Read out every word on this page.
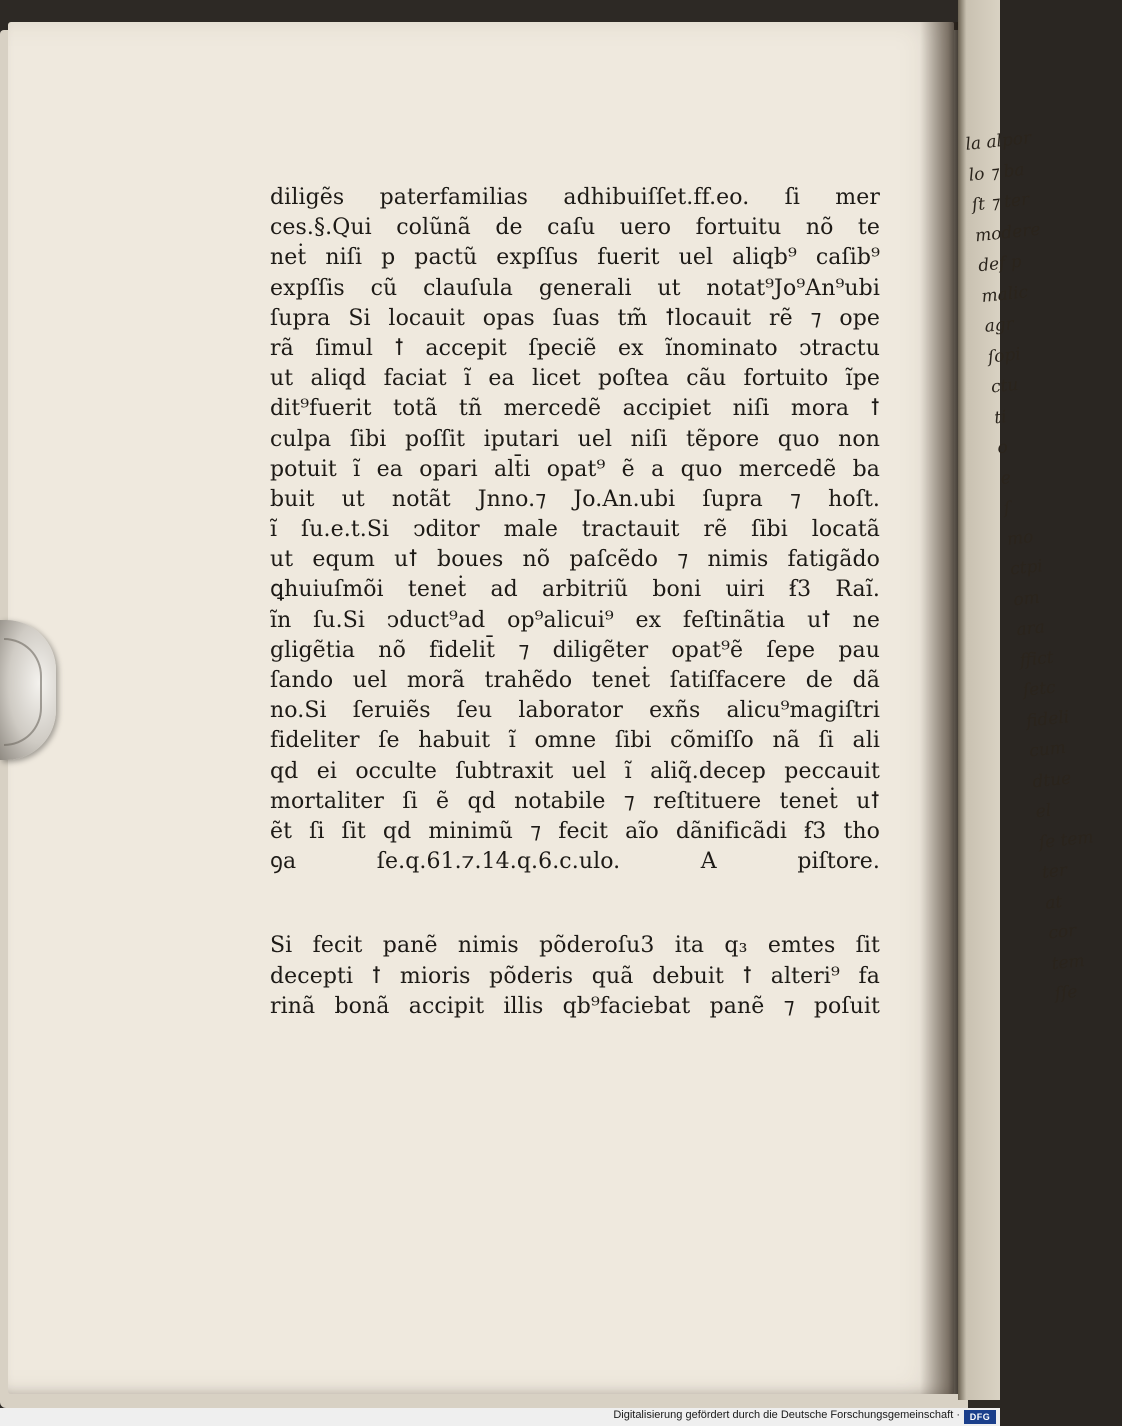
la alpor
lo ⁊ ba
ſt ⁊ ter
modere
def p
malic
agr
ſopi
ctu
ti
o
e
ſ
mo
ctpi
om
ara
ffict
ſetc
fideli
cum
dtue
el
ſe tem
ter
at
cor
tem
ſſe
diligẽs paterfamilias adhibuiſſet.ff.eo. ſi mer
ces.§.Qui colũnã de caſu uero fortuitu nõ te
neṫ niſi p pactũ expſſus fuerit uel aliqb⁹ caſib⁹
expſſis cũ clauſula generali ut notat⁹Jo⁹An⁹ubi
ſupra Si locauit opas ſuas tm̃ ꝉlocauit rẽ ⁊ ope
rã ſimul ꝉ accepit ſpeciẽ ex ĩnominato ↄtractu
ut aliqd faciat ĩ ea licet poſtea cãu fortuito ĩpe
dit⁹fuerit totã tñ mercedẽ accipiet niſi mora ꝉ
culpa ſibi poſſit iputari uel niſi tẽpore quo non
potuit ĩ ea opari alt̄i opat⁹ ẽ a quo mercedẽ ba
buit ut notãt Jnno.⁊ Jo.An.ubi ſupra ⁊ hoſt.
ĩ ſu.e.t.Si ↄditor male tractauit rẽ ſibi locatã
ut equm uꝉ boues nõ paſcẽdo ⁊ nimis fatigãdo
ꝗhuiuſmõi teneṫ ad arbitriũ boni uiri ẜ3 Raĩ.
ĩn ſu.Si ↄduct⁹ad op⁹alicui⁹ ex feſtinãtia uꝉ ne
gligẽtia nõ fidelit̄ ⁊ diligẽter opat⁹ẽ ſepe pau
ſando uel morã trahẽdo teneṫ ſatiſfacere de dã
no.Si ſeruiẽs ſeu laborator exñs alicu⁹magiſtri
fideliter ſe habuit ĩ omne ſibi cõmiſſo nã ſi ali
qd ei occulte ſubtraxit uel ĩ aliq̃.decep peccauit
mortaliter ſi ẽ qd notabile ⁊ reſtituere teneṫ uꝉ
ẽt ſi ſit qd minimũ ⁊ fecit aĩo dãnificãdi ẜ3 tho
ꝯa ſe.q.61.⁊.14.q.6.c.ulo. A piſtore.
Si fecit panẽ nimis põderoſu3 ita q₃ emtes ſit
decepti ꝉ mioris põderis quã debuit ꝉ alteri⁹ fa
rinã bonã accipit illis qb⁹faciebat panẽ ⁊ poſuit
Digitalisierung gefördert durch die Deutsche Forschungsgemeinschaft ·	DFG
